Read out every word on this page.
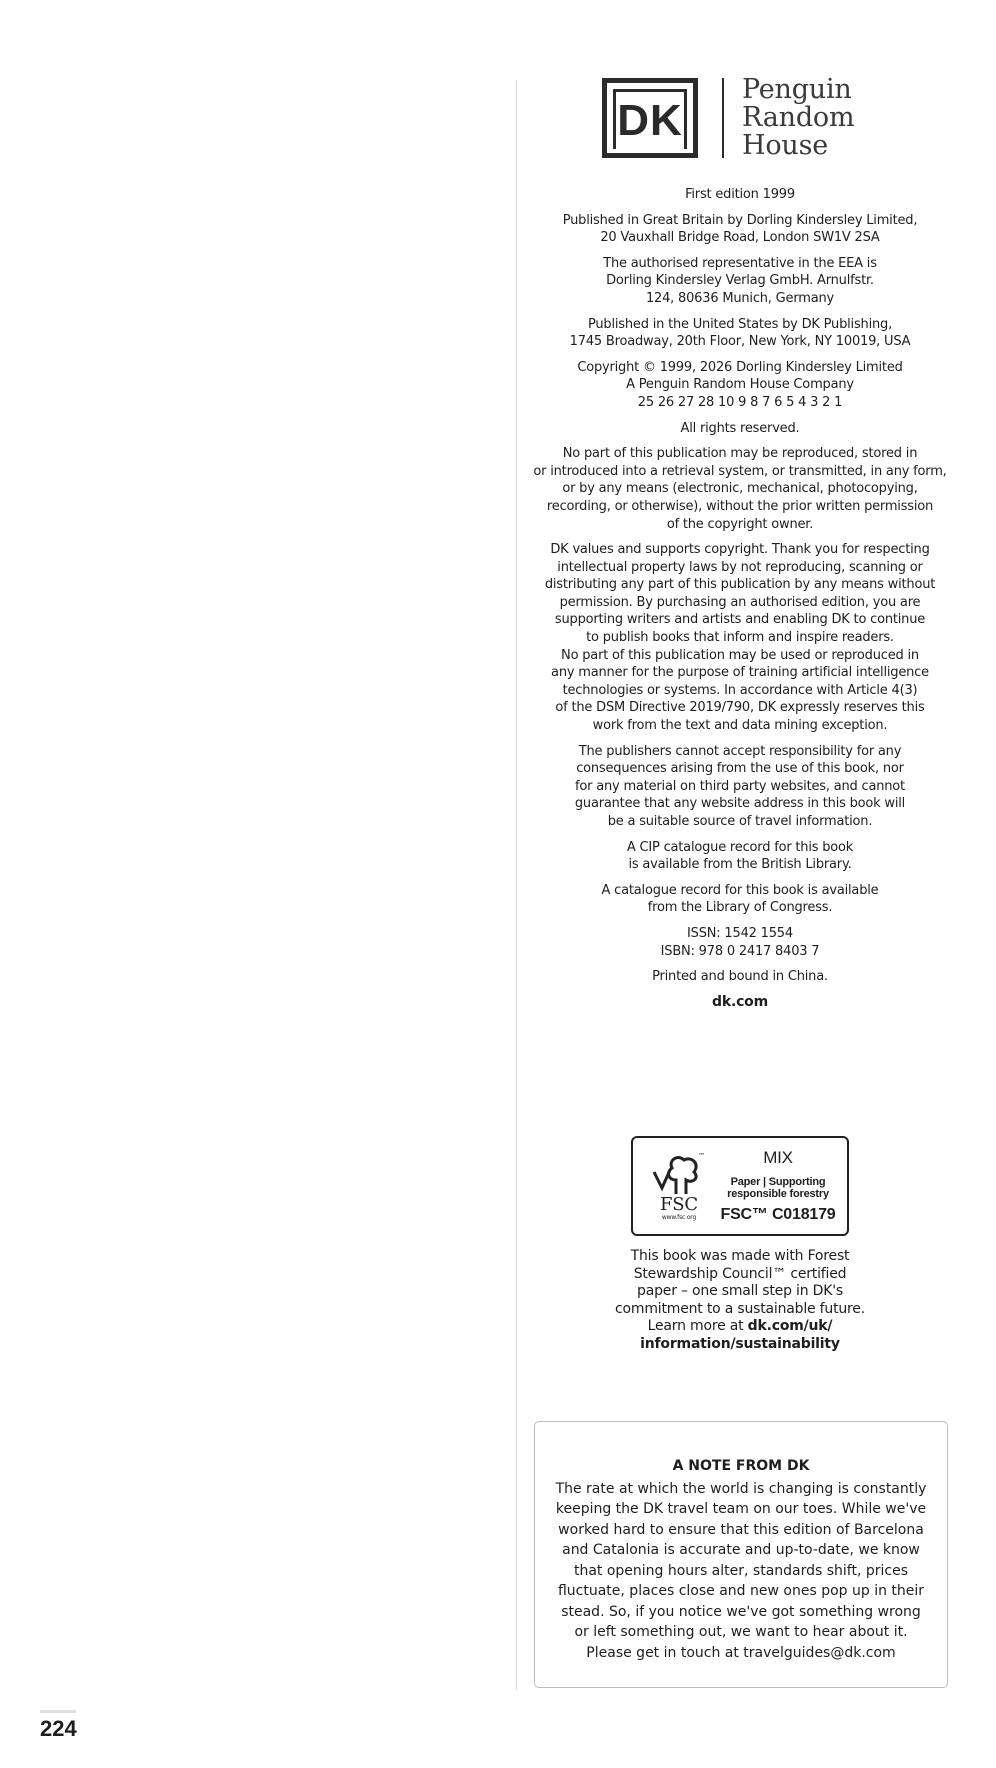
DK
Penguin
Random
House
First edition 1999
Published in Great Britain by Dorling Kindersley Limited,
20 Vauxhall Bridge Road, London SW1V 2SA
The authorised representative in the EEA is
Dorling Kindersley Verlag GmbH. Arnulfstr.
124, 80636 Munich, Germany
Published in the United States by DK Publishing,
1745 Broadway, 20th Floor, New York, NY 10019, USA
Copyright © 1999, 2026 Dorling Kindersley Limited
A Penguin Random House Company
25 26 27 28 10 9 8 7 6 5 4 3 2 1
All rights reserved.
No part of this publication may be reproduced, stored in
or introduced into a retrieval system, or transmitted, in any form,
or by any means (electronic, mechanical, photocopying,
recording, or otherwise), without the prior written permission
of the copyright owner.
DK values and supports copyright. Thank you for respecting
intellectual property laws by not reproducing, scanning or
distributing any part of this publication by any means without
permission. By purchasing an authorised edition, you are
supporting writers and artists and enabling DK to continue
to publish books that inform and inspire readers.
No part of this publication may be used or reproduced in
any manner for the purpose of training artificial intelligence
technologies or systems. In accordance with Article 4(3)
of the DSM Directive 2019/790, DK expressly reserves this
work from the text and data mining exception.
The publishers cannot accept responsibility for any
consequences arising from the use of this book, nor
for any material on third party websites, and cannot
guarantee that any website address in this book will
be a suitable source of travel information.
A CIP catalogue record for this book
is available from the British Library.
A catalogue record for this book is available
from the Library of Congress.
ISSN: 1542 1554
ISBN: 978 0 2417 8403 7
Printed and bound in China.
dk.com
™
FSC
www.fsc.org
MIX
Paper | Supporting
responsible forestry
FSC™ C018179
This book was made with Forest
Stewardship Council™ certified
paper – one small step in DK's
commitment to a sustainable future.
Learn more at dk.com/uk/
information/sustainability
A NOTE FROM DK
The rate at which the world is changing is constantly
keeping the DK travel team on our toes. While we've
worked hard to ensure that this edition of Barcelona
and Catalonia is accurate and up-to-date, we know
that opening hours alter, standards shift, prices
fluctuate, places close and new ones pop up in their
stead. So, if you notice we've got something wrong
or left something out, we want to hear about it.
Please get in touch at travelguides@dk.com
224
